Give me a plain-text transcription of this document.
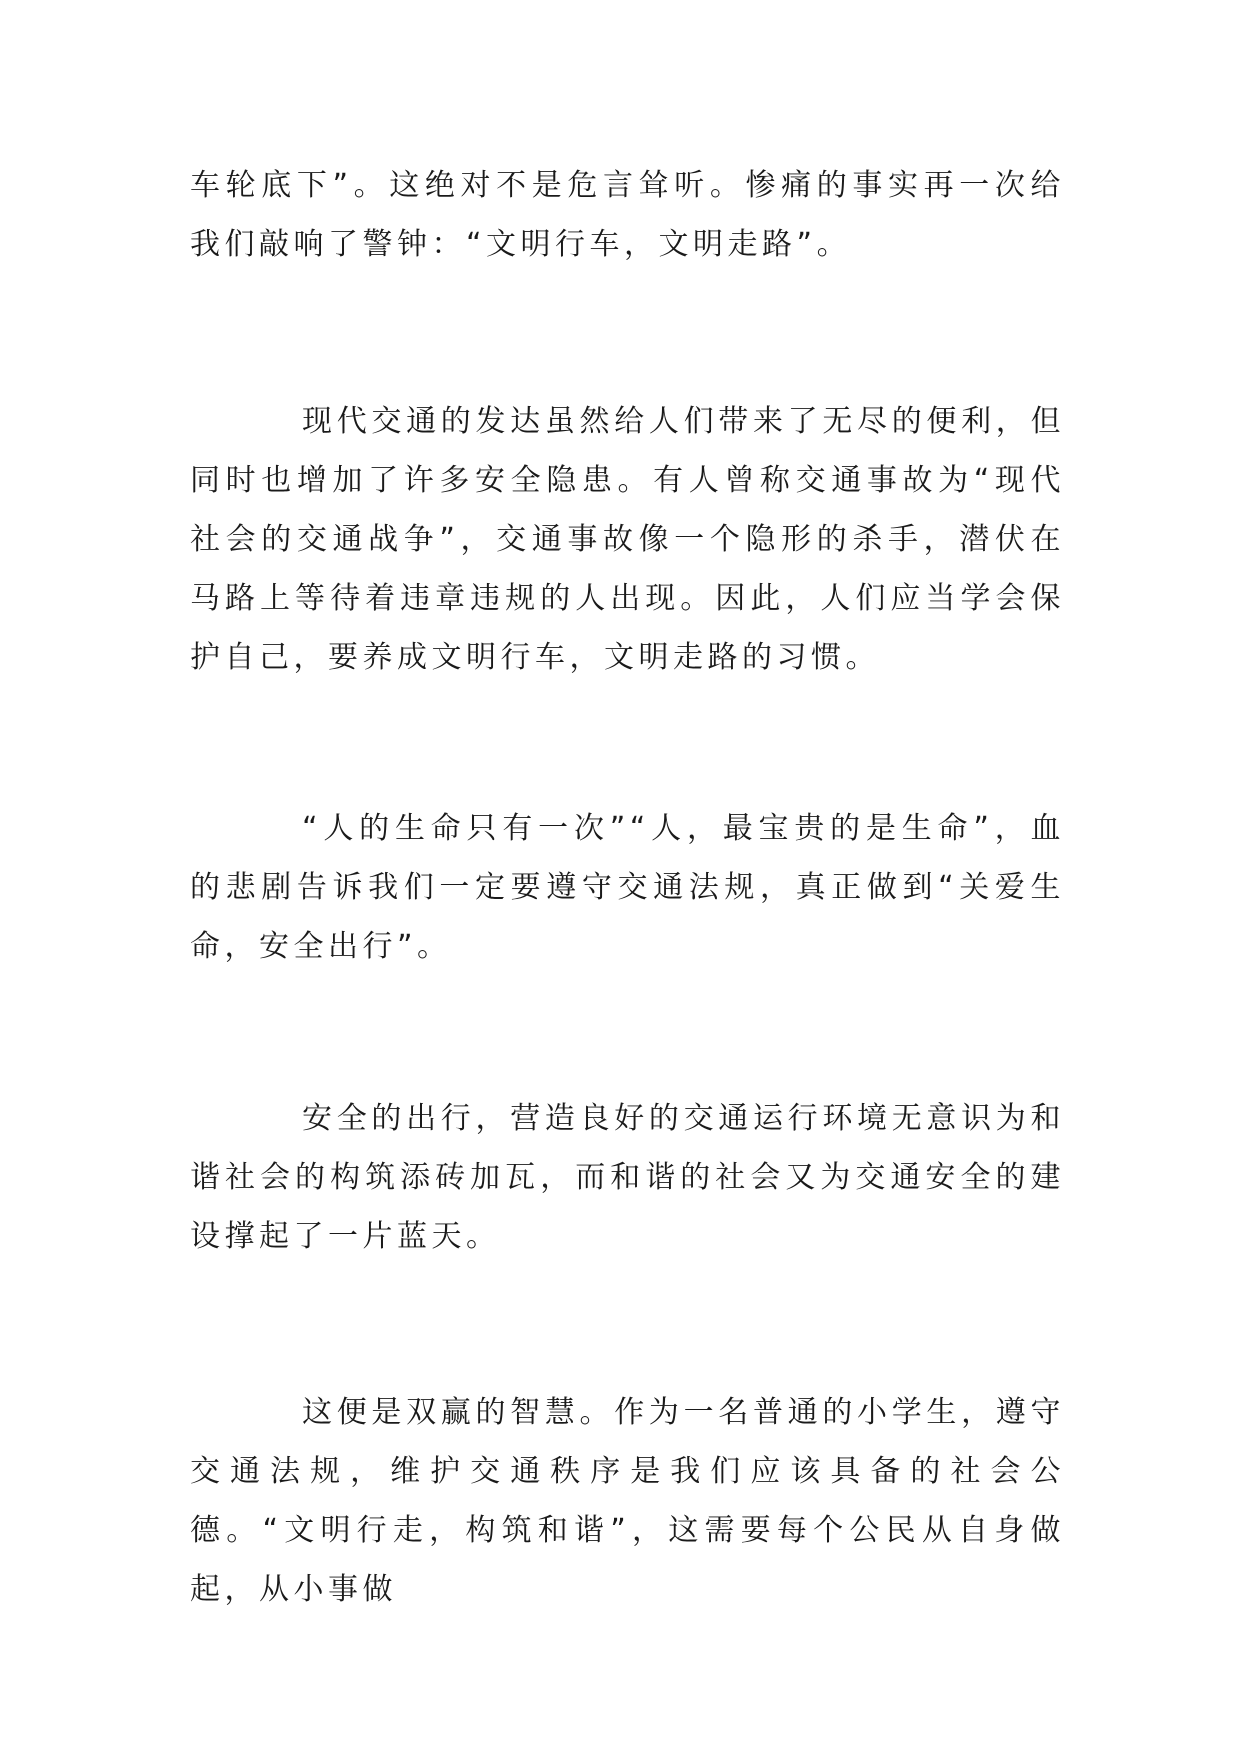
车轮底下”。这绝对不是危言耸听。惨痛的事实再一次给我们敲响了警钟：“文明行车，文明走路”。

现代交通的发达虽然给人们带来了无尽的便利，但同时也增加了许多安全隐患。有人曾称交通事故为“现代社会的交通战争”，交通事故像一个隐形的杀手，潜伏在马路上等待着违章违规的人出现。因此，人们应当学会保护自己，要养成文明行车，文明走路的习惯。

“人的生命只有一次”“人，最宝贵的是生命”，血的悲剧告诉我们一定要遵守交通法规，真正做到“关爱生命，安全出行”。

安全的出行，营造良好的交通运行环境无意识为和谐社会的构筑添砖加瓦，而和谐的社会又为交通安全的建设撑起了一片蓝天。

这便是双赢的智慧。作为一名普通的小学生，遵守交通法规，维护交通秩序是我们应该具备的社会公德。“文明行走，构筑和谐”，这需要每个公民从自身做起，从小事做
